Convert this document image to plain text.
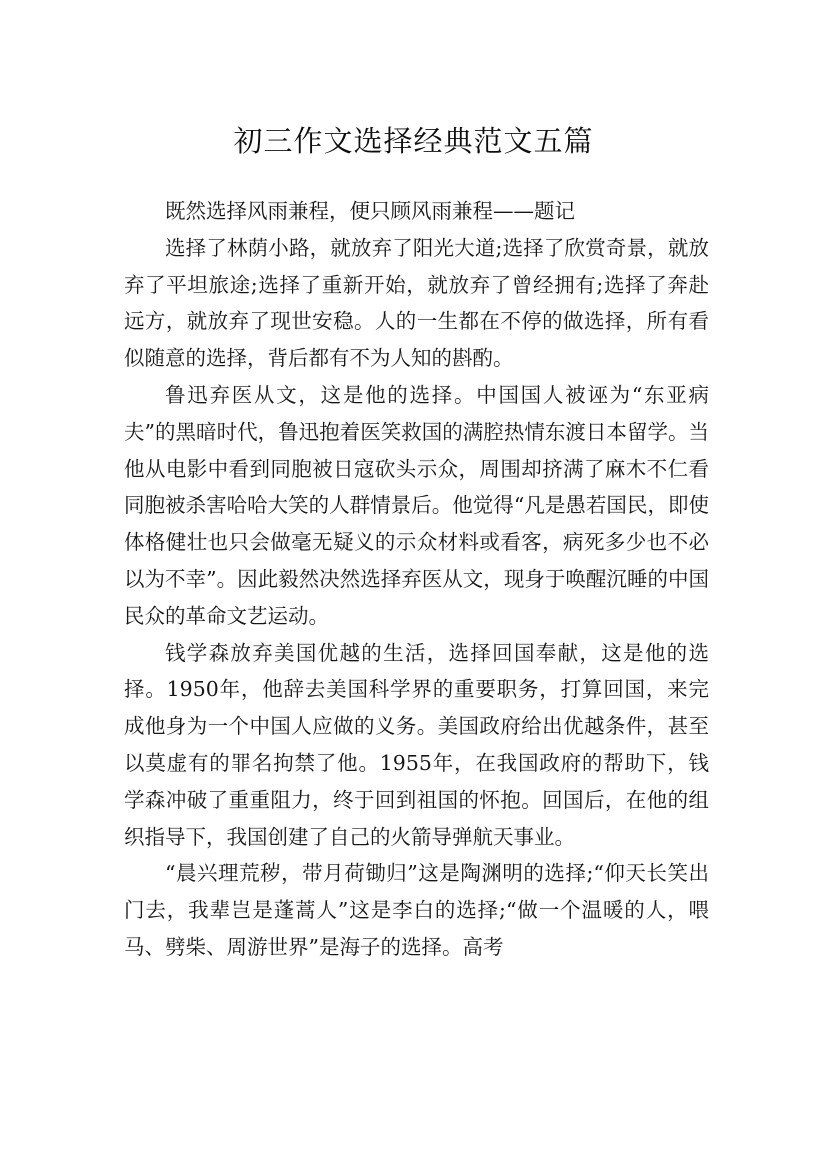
初三作文选择经典范文五篇

既然选择风雨兼程，便只顾风雨兼程——题记

选择了林荫小路，就放弃了阳光大道;选择了欣赏奇景，就放弃了平坦旅途;选择了重新开始，就放弃了曾经拥有;选择了奔赴远方，就放弃了现世安稳。人的一生都在不停的做选择，所有看似随意的选择，背后都有不为人知的斟酌。

鲁迅弃医从文，这是他的选择。中国国人被诬为“东亚病夫”的黑暗时代，鲁迅抱着医笑救国的满腔热情东渡日本留学。当他从电影中看到同胞被日寇砍头示众，周围却挤满了麻木不仁看同胞被杀害哈哈大笑的人群情景后。他觉得“凡是愚若国民，即使体格健壮也只会做毫无疑义的示众材料或看客，病死多少也不必以为不幸”。因此毅然决然选择弃医从文，现身于唤醒沉睡的中国民众的革命文艺运动。

钱学森放弃美国优越的生活，选择回国奉献，这是他的选择。1950年，他辞去美国科学界的重要职务，打算回国，来完成他身为一个中国人应做的义务。美国政府给出优越条件，甚至以莫虚有的罪名拘禁了他。1955年，在我国政府的帮助下，钱学森冲破了重重阻力，终于回到祖国的怀抱。回国后，在他的组织指导下，我国创建了自己的火箭导弹航天事业。

“晨兴理荒秽，带月荷锄归”这是陶渊明的选择;“仰天长笑出门去，我辈岂是蓬蒿人”这是李白的选择;“做一个温暖的人，喂马、劈柴、周游世界”是海子的选择。高考
